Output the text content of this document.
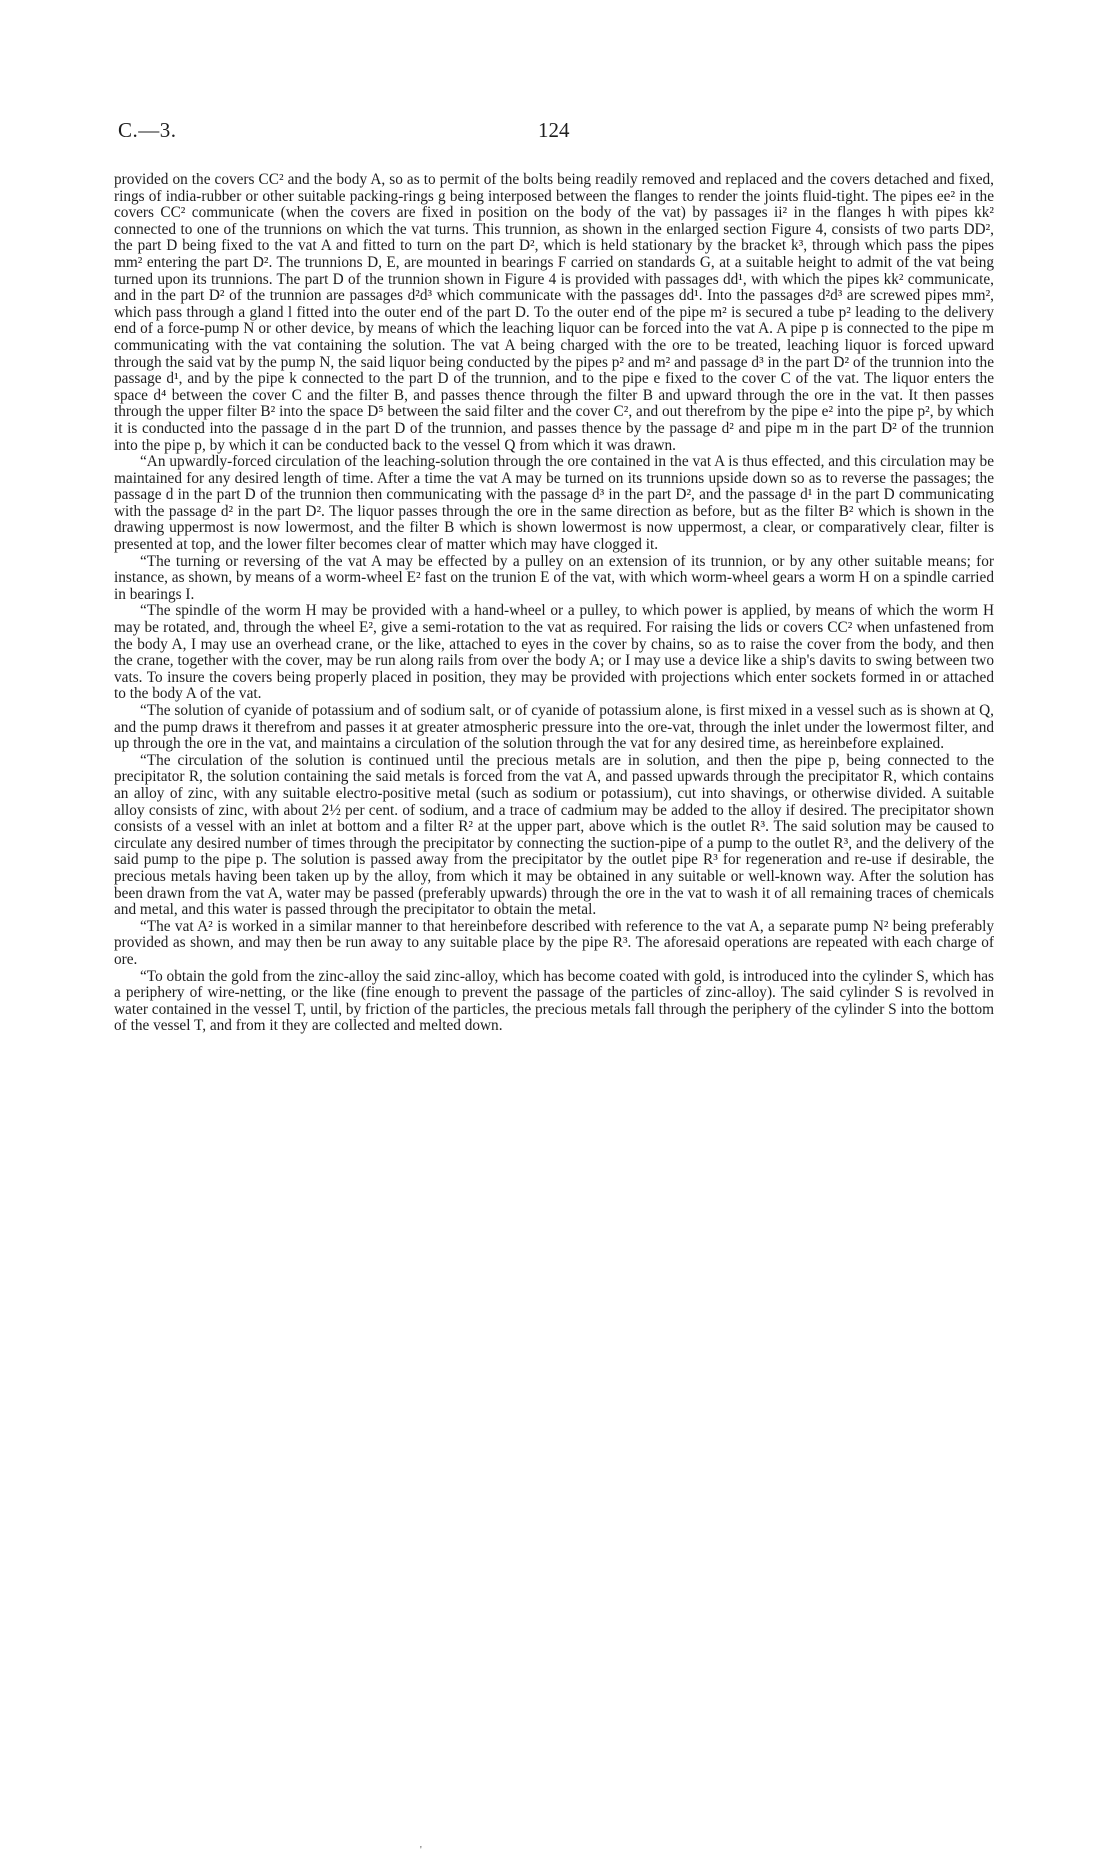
C.—3.	124

provided on the covers CC² and the body A, so as to permit of the bolts being readily removed and replaced and the covers detached and fixed, rings of india-rubber or other suitable packing-rings g being interposed between the flanges to render the joints fluid-tight. The pipes ee² in the covers CC² communicate (when the covers are fixed in position on the body of the vat) by passages ii² in the flanges h with pipes kk² connected to one of the trunnions on which the vat turns. This trunnion, as shown in the enlarged section Figure 4, consists of two parts DD², the part D being fixed to the vat A and fitted to turn on the part D², which is held stationary by the bracket k³, through which pass the pipes mm² entering the part D². The trunnions D, E, are mounted in bearings F carried on standards G, at a suitable height to admit of the vat being turned upon its trunnions. The part D of the trunnion shown in Figure 4 is provided with passages dd¹, with which the pipes kk² communicate, and in the part D² of the trunnion are passages d²d³ which communicate with the passages dd¹. Into the passages d²d³ are screwed pipes mm², which pass through a gland l fitted into the outer end of the part D. To the outer end of the pipe m² is secured a tube p² leading to the delivery end of a force-pump N or other device, by means of which the leaching liquor can be forced into the vat A. A pipe p is connected to the pipe m communicating with the vat containing the solution. The vat A being charged with the ore to be treated, leaching liquor is forced upward through the said vat by the pump N, the said liquor being conducted by the pipes p² and m² and passage d³ in the part D² of the trunnion into the passage d¹, and by the pipe k connected to the part D of the trunnion, and to the pipe e fixed to the cover C of the vat. The liquor enters the space d⁴ between the cover C and the filter B, and passes thence through the filter B and upward through the ore in the vat. It then passes through the upper filter B² into the space D⁵ between the said filter and the cover C², and out therefrom by the pipe e² into the pipe p², by which it is conducted into the passage d in the part D of the trunnion, and passes thence by the passage d² and pipe m in the part D² of the trunnion into the pipe p, by which it can be conducted back to the vessel Q from which it was drawn.

“An upwardly-forced circulation of the leaching-solution through the ore contained in the vat A is thus effected, and this circulation may be maintained for any desired length of time. After a time the vat A may be turned on its trunnions upside down so as to reverse the passages; the passage d in the part D of the trunnion then communicating with the passage d³ in the part D², and the passage d¹ in the part D communicating with the passage d² in the part D². The liquor passes through the ore in the same direction as before, but as the filter B² which is shown in the drawing uppermost is now lowermost, and the filter B which is shown lowermost is now uppermost, a clear, or comparatively clear, filter is presented at top, and the lower filter becomes clear of matter which may have clogged it.

“The turning or reversing of the vat A may be effected by a pulley on an extension of its trunnion, or by any other suitable means; for instance, as shown, by means of a worm-wheel E² fast on the trunion E of the vat, with which worm-wheel gears a worm H on a spindle carried in bearings I.

“The spindle of the worm H may be provided with a hand-wheel or a pulley, to which power is applied, by means of which the worm H may be rotated, and, through the wheel E², give a semi-rotation to the vat as required. For raising the lids or covers CC² when unfastened from the body A, I may use an overhead crane, or the like, attached to eyes in the cover by chains, so as to raise the cover from the body, and then the crane, together with the cover, may be run along rails from over the body A; or I may use a device like a ship's davits to swing between two vats. To insure the covers being properly placed in position, they may be provided with projections which enter sockets formed in or attached to the body A of the vat.

“The solution of cyanide of potassium and of sodium salt, or of cyanide of potassium alone, is first mixed in a vessel such as is shown at Q, and the pump draws it therefrom and passes it at greater atmospheric pressure into the ore-vat, through the inlet under the lowermost filter, and up through the ore in the vat, and maintains a circulation of the solution through the vat for any desired time, as hereinbefore explained.

“The circulation of the solution is continued until the precious metals are in solution, and then the pipe p, being connected to the precipitator R, the solution containing the said metals is forced from the vat A, and passed upwards through the precipitator R, which contains an alloy of zinc, with any suitable electro-positive metal (such as sodium or potassium), cut into shavings, or otherwise divided. A suitable alloy consists of zinc, with about 2½ per cent. of sodium, and a trace of cadmium may be added to the alloy if desired. The precipitator shown consists of a vessel with an inlet at bottom and a filter R² at the upper part, above which is the outlet R³. The said solution may be caused to circulate any desired number of times through the precipitator by connecting the suction-pipe of a pump to the outlet R³, and the delivery of the said pump to the pipe p. The solution is passed away from the precipitator by the outlet pipe R³ for regeneration and re-use if desirable, the precious metals having been taken up by the alloy, from which it may be obtained in any suitable or well-known way. After the solution has been drawn from the vat A, water may be passed (preferably upwards) through the ore in the vat to wash it of all remaining traces of chemicals and metal, and this water is passed through the precipitator to obtain the metal.

“The vat A² is worked in a similar manner to that hereinbefore described with reference to the vat A, a separate pump N² being preferably provided as shown, and may then be run away to any suitable place by the pipe R³. The aforesaid operations are repeated with each charge of ore.

“To obtain the gold from the zinc-alloy the said zinc-alloy, which has become coated with gold, is introduced into the cylinder S, which has a periphery of wire-netting, or the like (fine enough to prevent the passage of the particles of zinc-alloy). The said cylinder S is revolved in water contained in the vessel T, until, by friction of the particles, the precious metals fall through the periphery of the cylinder S into the bottom of the vessel T, and from it they are collected and melted down.

'
